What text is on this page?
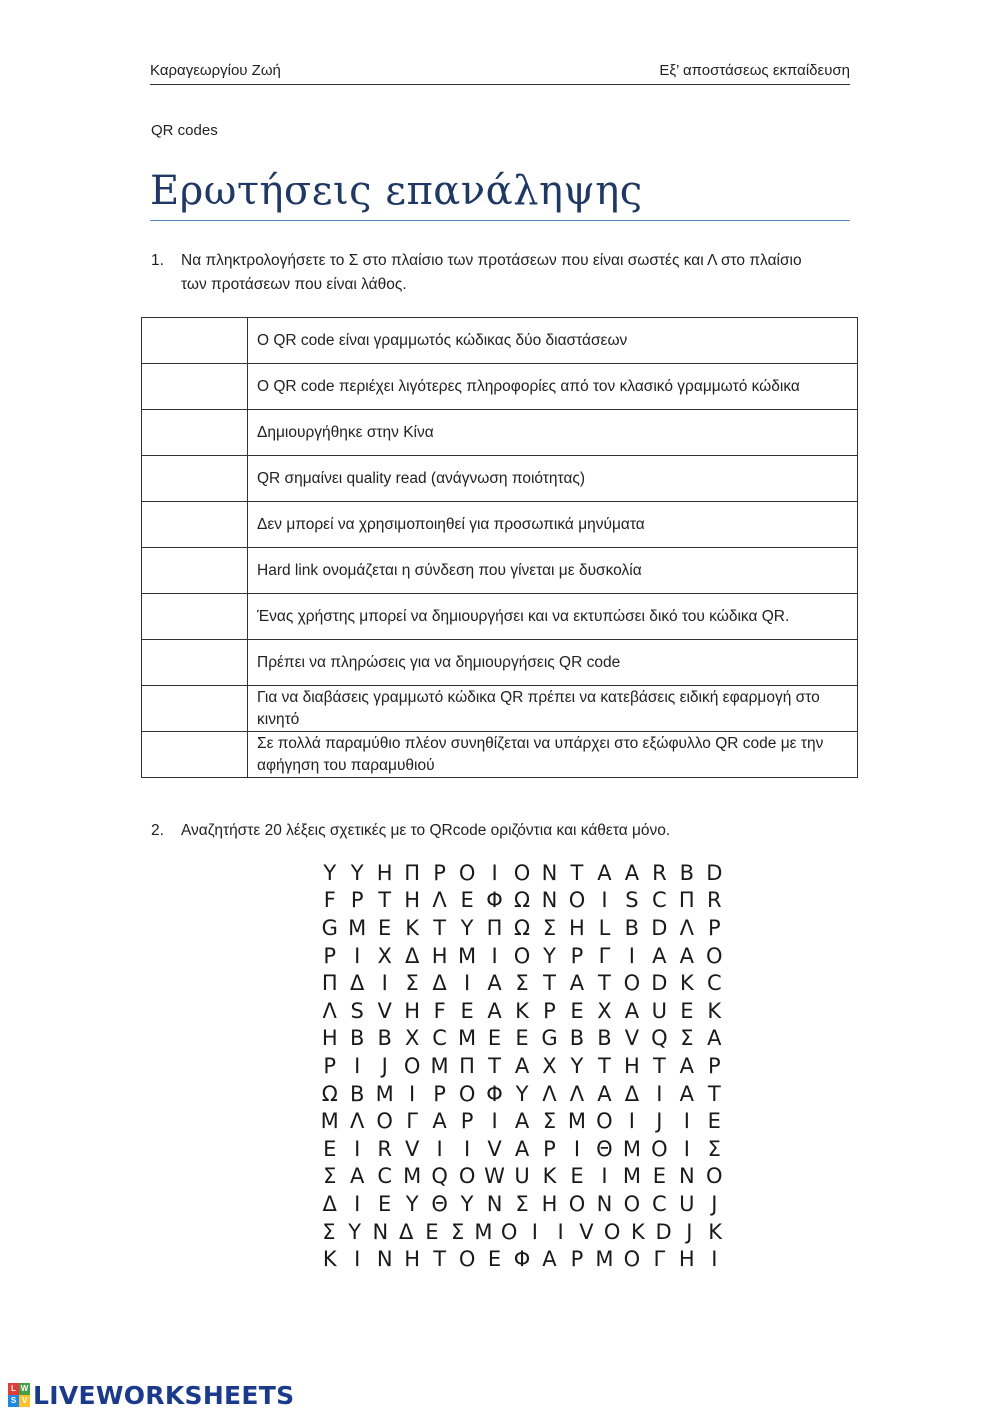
Καραγεωργίου Ζωή	Εξ’ αποστάσεως εκπαίδευση
QR codes
Ερωτήσεις επανάληψης
1.	Να πληκτρολογήσετε το Σ στο πλαίσιο των προτάσεων που είναι σωστές και Λ στο πλαίσιο των προτάσεων που είναι λάθος.
	Ο QR code είναι γραμμωτός κώδικας δύο διαστάσεων
	Ο QR code περιέχει λιγότερες πληροφορίες από τον κλασικό γραμμωτό κώδικα
	Δημιουργήθηκε στην Κίνα
	QR σημαίνει quality read (ανάγνωση ποιότητας)
	Δεν μπορεί να χρησιμοποιηθεί για προσωπικά μηνύματα
	Hard link ονομάζεται η σύνδεση που γίνεται με δυσκολία
	Ένας χρήστης μπορεί να δημιουργήσει και να εκτυπώσει δικό του κώδικα QR.
	Πρέπει να πληρώσεις για να δημιουργήσεις QR code
	Για να διαβάσεις γραμμωτό κώδικα QR πρέπει να κατεβάσεις ειδική εφαρμογή στο κινητό
	Σε πολλά παραμύθιο πλέον συνηθίζεται να υπάρχει στο εξώφυλλο QR code με την αφήγηση του παραμυθιού
2.	Αναζητήστε 20 λέξεις σχετικές με το QRcode οριζόντια και κάθετα μόνο.
Υ Υ Η Π Ρ Ο Ι Ο Ν Τ Α Α R B D
F Ρ Τ Η Λ Ε Φ Ω Ν Ο Ι S C Π R
G Μ Ε Κ Τ Υ Π Ω Σ Η L B D Λ Ρ
Ρ Ι Χ Δ Η Μ Ι Ο Υ Ρ Γ Ι Α Α Ο
Π Δ Ι Σ Δ Ι Α Σ Τ Α Τ Ο D K C
Λ S V H F E A K Ρ Ε Χ Α U E K
H B B X C M E E G B B V Q Σ A
Ρ Ι	J Ο Μ Π Τ Α Χ Υ Τ Η Τ Α Ρ
Ω Β Μ Ι Ρ Ο Φ Υ Λ Λ Α Δ Ι Α Τ
Μ Λ Ο Γ Α Ρ Ι Α Σ Μ Ο Ι	J	Ι Ε
Ε Ι R V Ι	Ι V Α Ρ Ι Θ Μ Ο Ι Σ
Σ Α C M Q O W U K E I M E N O
Δ Ι Ε Υ Θ Υ Ν Σ Η Ο Ν Ο C U J
Σ Υ Ν Δ Ε Σ Μ Ο Ι I V O K D J K
Κ Ι Ν Η Τ Ο Ε Φ Α Ρ Μ Ο Γ Η Ι
L W
S V LIVEWORKSHEETS
